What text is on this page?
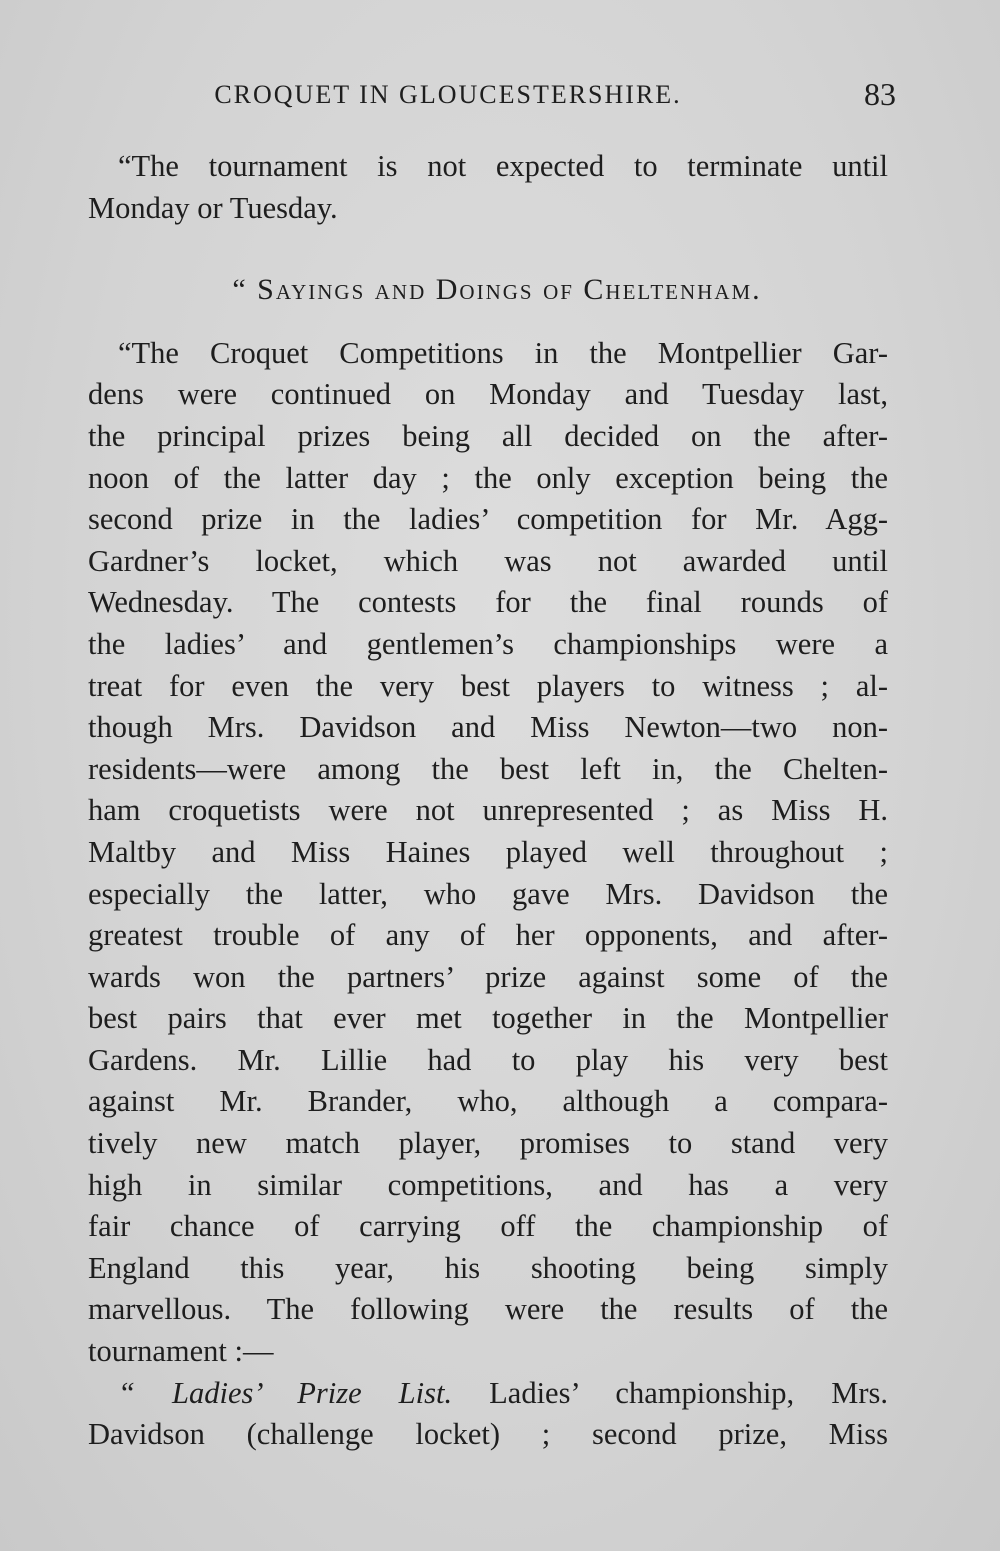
CROQUET IN GLOUCESTERSHIRE.	83
“The tournament is not expected to terminate until
Monday or Tuesday.
“ Sayings and Doings of Cheltenham.
“The Croquet Competitions in the Montpellier Gar-
dens were continued on Monday and Tuesday last,
the principal prizes being all decided on the after-
noon of the latter day ; the only exception being the
second prize in the ladies’ competition for Mr. Agg-
Gardner’s locket, which was not awarded until
Wednesday. The contests for the final rounds of
the ladies’ and gentlemen’s championships were a
treat for even the very best players to witness ; al-
though Mrs. Davidson and Miss Newton—two non-
residents—were among the best left in, the Chelten-
ham croquetists were not unrepresented ; as Miss H.
Maltby and Miss Haines played well throughout ;
especially the latter, who gave Mrs. Davidson the
greatest trouble of any of her opponents, and after-
wards won the partners’ prize against some of the
best pairs that ever met together in the Montpellier
Gardens. Mr. Lillie had to play his very best
against Mr. Brander, who, although a compara-
tively new match player, promises to stand very
high in similar competitions, and has a very
fair chance of carrying off the championship of
England this year, his shooting being simply
marvellous. The following were the results of the
tournament :—
“ Ladies’ Prize List. Ladies’ championship, Mrs.
Davidson (challenge locket) ; second prize, Miss
